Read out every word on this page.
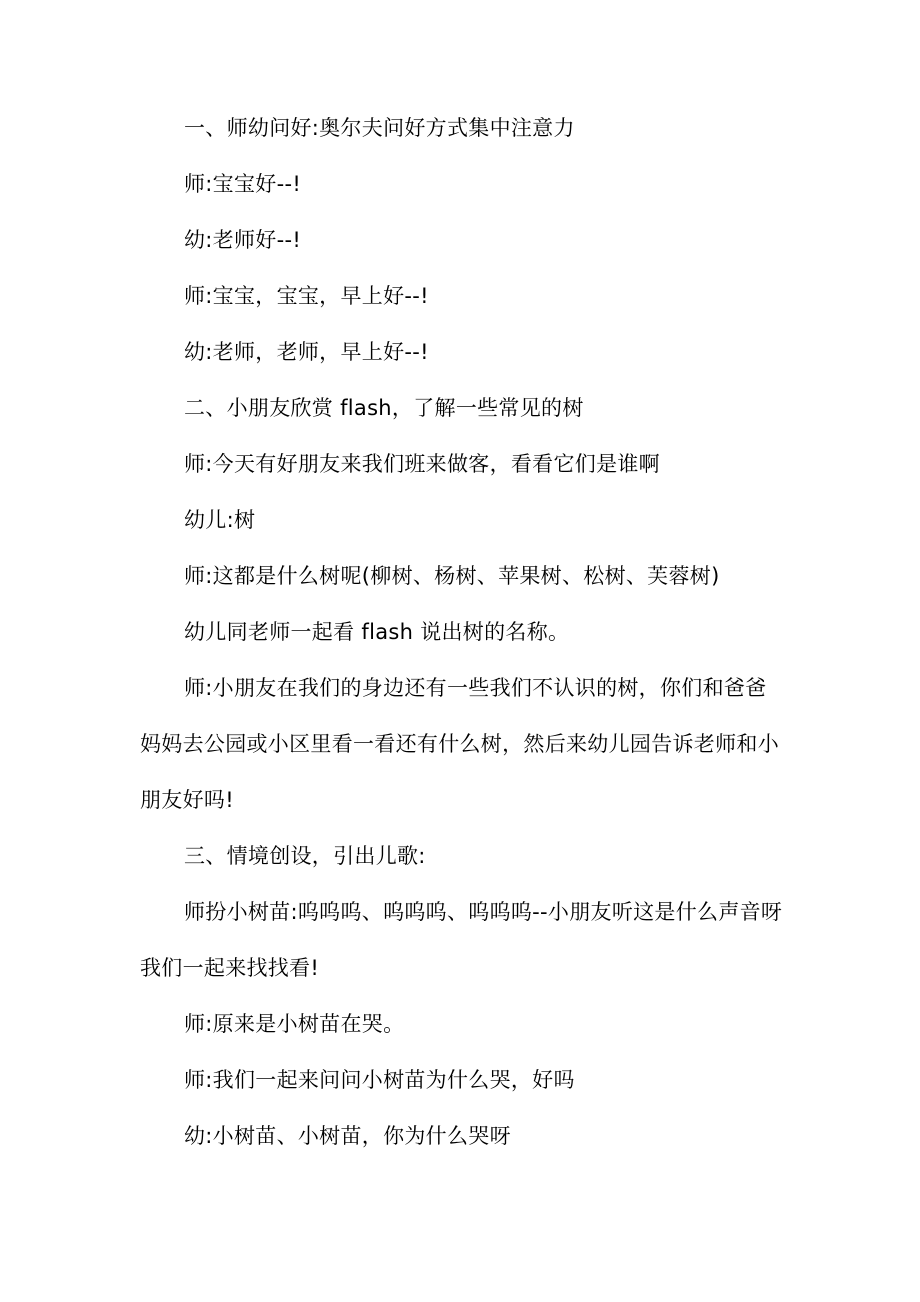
一、师幼问好:奥尔夫问好方式集中注意力

师:宝宝好--!

幼:老师好--!

师:宝宝，宝宝，早上好--!

幼:老师，老师，早上好--!

二、小朋友欣赏 flash，了解一些常见的树

师:今天有好朋友来我们班来做客，看看它们是谁啊

幼儿:树

师:这都是什么树呢(柳树、杨树、苹果树、松树、芙蓉树)

幼儿同老师一起看 flash 说出树的名称。

师:小朋友在我们的身边还有一些我们不认识的树，你们和爸爸

妈妈去公园或小区里看一看还有什么树，然后来幼儿园告诉老师和小

朋友好吗!

三、情境创设，引出儿歌:

师扮小树苗:呜呜呜、呜呜呜、呜呜呜--小朋友听这是什么声音呀

我们一起来找找看!

师:原来是小树苗在哭。

师:我们一起来问问小树苗为什么哭，好吗

幼:小树苗、小树苗，你为什么哭呀
